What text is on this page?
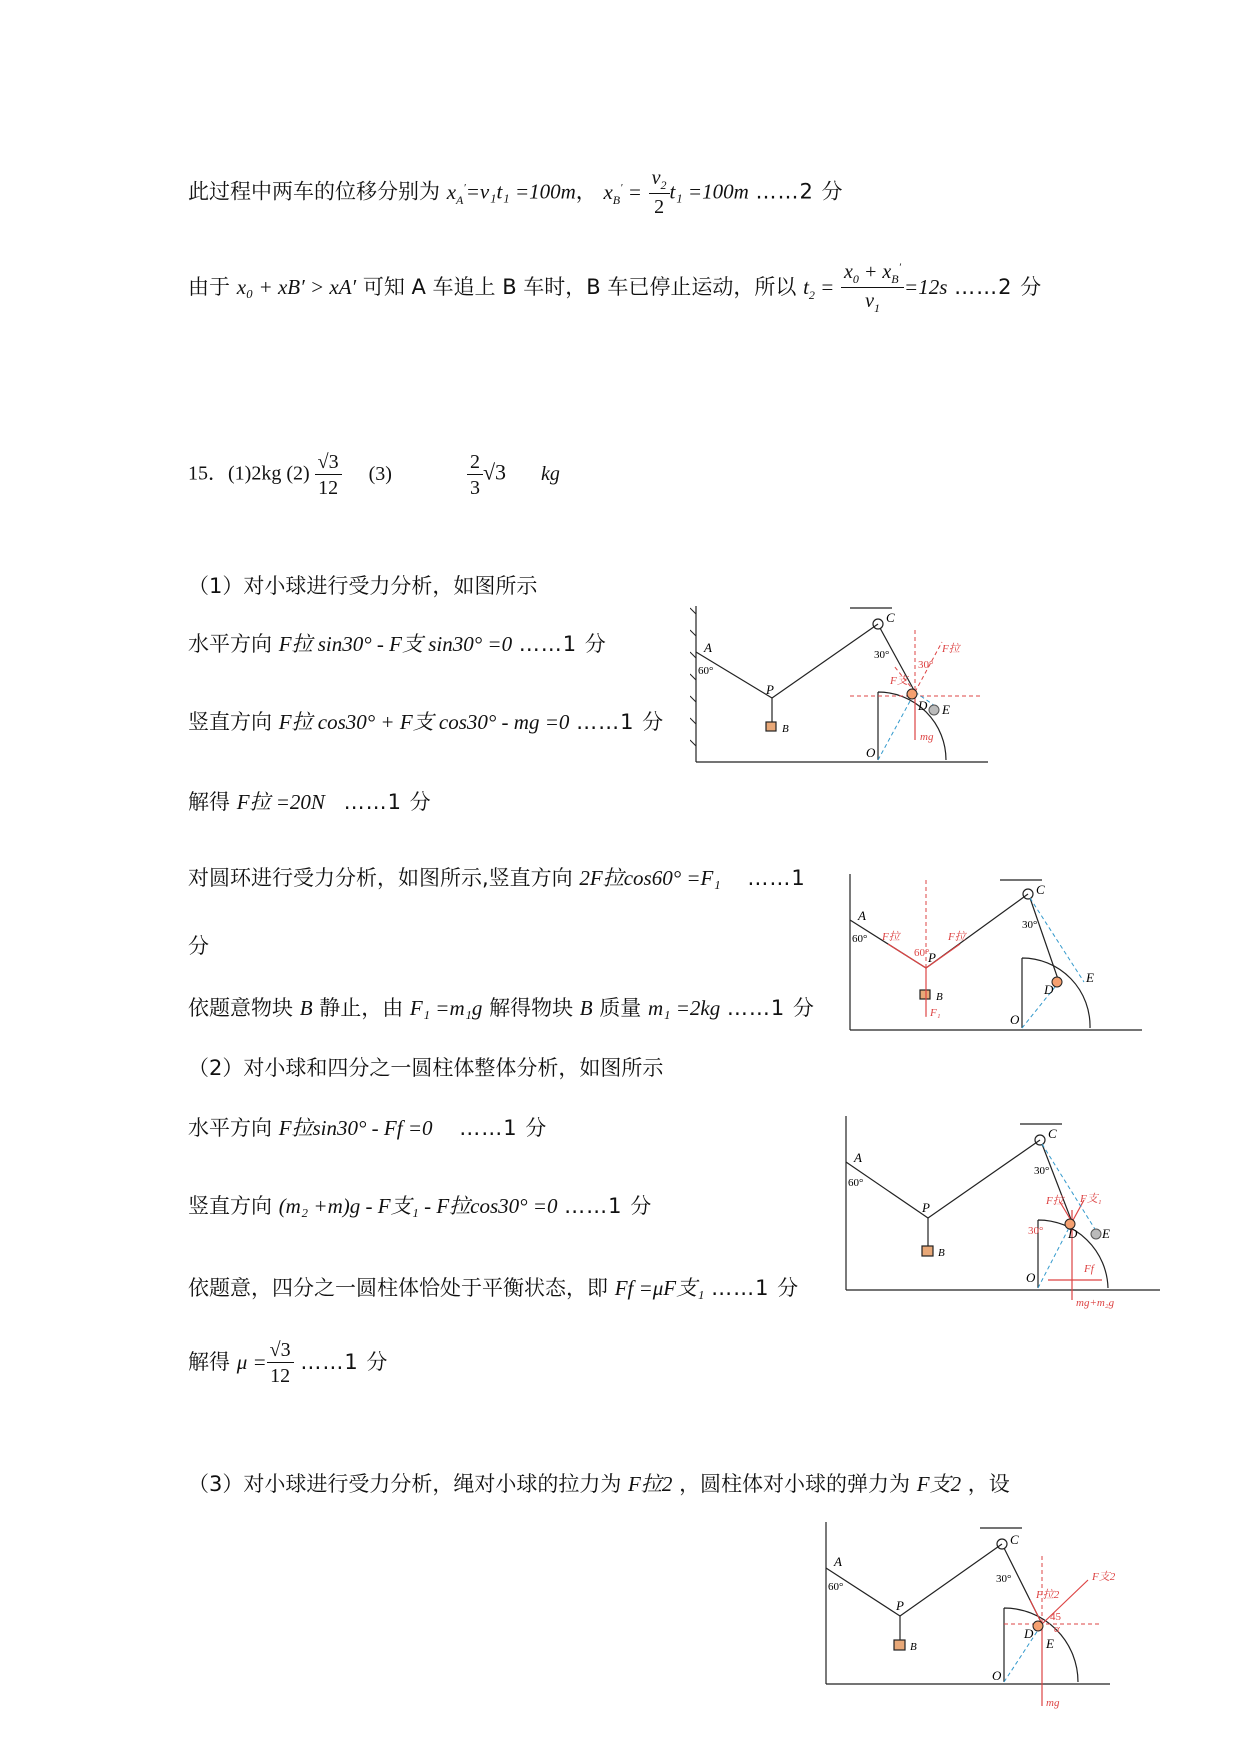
此过程中两车的位移分别为 $x_A'=v_1t_1 =100m$， $x_B' = \frac{v_2}{2} t_1 =100m$ ……2 分
由于 x₀ + xB′ > xA′ 可知 A 车追上 B 车时，B 车已停止运动，所以 $t_2 = \frac{x_0 + x_B'}{v_1} =12s$ ……2 分
15．(1)2kg $(2) \frac{√3}{12} (3)$	$\frac{2}{3} √3$ kg
（1）对小球进行受力分析，如图所示
水平方向 F拉 sin30° - F支 sin30° =0 ……1 分
竖直方向 F拉 cos30° + F支 cos30° - mg =0 ……1 分
解得 F拉 =20N ……1 分
对圆环进行受力分析，如图所示,竖直方向 2F拉cos60° =F₁ ……1
分
依题意物块 B 静止，由 F₁ =m₁g 解得物块 B 质量 m₁ =2kg ……1 分
（2）对小球和四分之一圆柱体整体分析，如图所示
水平方向 F拉sin30° - Ff =0 ……1 分
竖直方向 (m₂ +m)g - F支₁ - F拉cos30° =0 ……1 分
依题意，四分之一圆柱体恰处于平衡状态，即 Ff =μF支₁ ……1 分
解得 $\mu = \frac{√3}{12}$ ……1 分
（3）对小球进行受力分析，绳对小球的拉力为 F拉2 ，圆柱体对小球的弹力为 F支2 ，设
A
60°
P
B
C
30°
30°
D E
O
F拉
F支
mg
A
60°
P
60°
B
C
30°
D
E
O
F拉	F拉
F₁
A
60°
P
B
C
30°
30° D E
O
F拉 F支₁
Ff
mg+m₂g
A
60°
P
B
C
30°
D
E
O
F拉2
F支2
45
α
mg
